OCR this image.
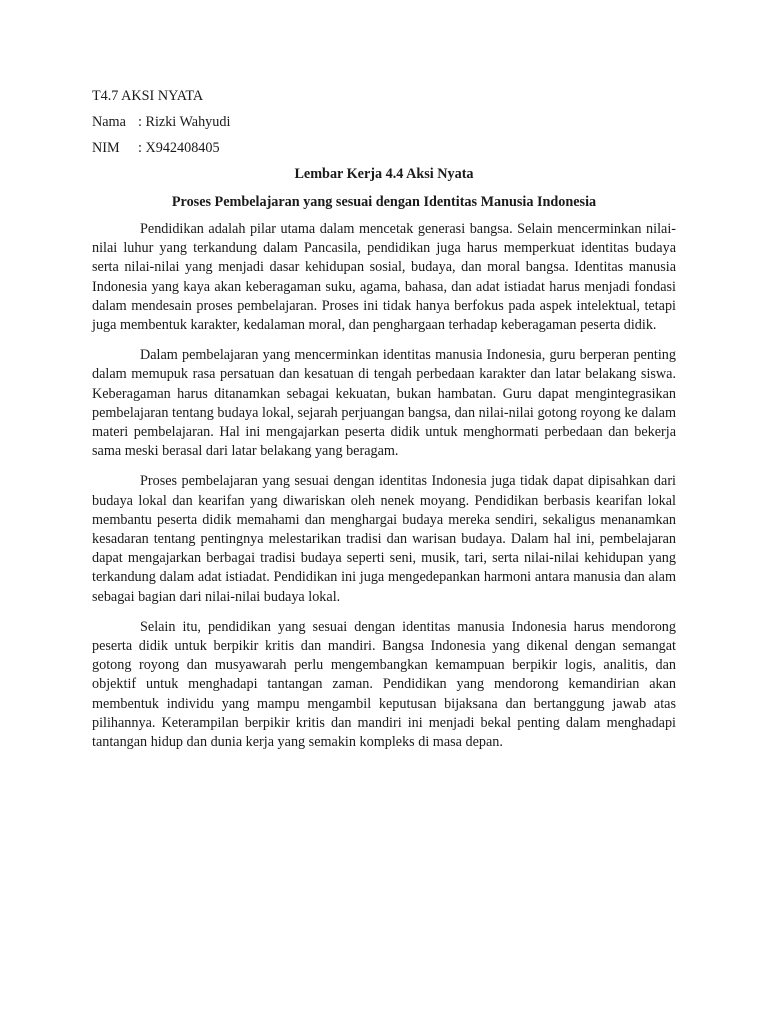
T4.7 AKSI NYATA
Nama : Rizki Wahyudi
NIM : X942408405
Lembar Kerja 4.4 Aksi Nyata
Proses Pembelajaran yang sesuai dengan Identitas Manusia Indonesia

Pendidikan adalah pilar utama dalam mencetak generasi bangsa. Selain mencerminkan nilai-nilai luhur yang terkandung dalam Pancasila, pendidikan juga harus memperkuat identitas budaya serta nilai-nilai yang menjadi dasar kehidupan sosial, budaya, dan moral bangsa. Identitas manusia Indonesia yang kaya akan keberagaman suku, agama, bahasa, dan adat istiadat harus menjadi fondasi dalam mendesain proses pembelajaran. Proses ini tidak hanya berfokus pada aspek intelektual, tetapi juga membentuk karakter, kedalaman moral, dan penghargaan terhadap keberagaman peserta didik.

Dalam pembelajaran yang mencerminkan identitas manusia Indonesia, guru berperan penting dalam memupuk rasa persatuan dan kesatuan di tengah perbedaan karakter dan latar belakang siswa. Keberagaman harus ditanamkan sebagai kekuatan, bukan hambatan. Guru dapat mengintegrasikan pembelajaran tentang budaya lokal, sejarah perjuangan bangsa, dan nilai-nilai gotong royong ke dalam materi pembelajaran. Hal ini mengajarkan peserta didik untuk menghormati perbedaan dan bekerja sama meski berasal dari latar belakang yang beragam.

Proses pembelajaran yang sesuai dengan identitas Indonesia juga tidak dapat dipisahkan dari budaya lokal dan kearifan yang diwariskan oleh nenek moyang. Pendidikan berbasis kearifan lokal membantu peserta didik memahami dan menghargai budaya mereka sendiri, sekaligus menanamkan kesadaran tentang pentingnya melestarikan tradisi dan warisan budaya. Dalam hal ini, pembelajaran dapat mengajarkan berbagai tradisi budaya seperti seni, musik, tari, serta nilai-nilai kehidupan yang terkandung dalam adat istiadat. Pendidikan ini juga mengedepankan harmoni antara manusia dan alam sebagai bagian dari nilai-nilai budaya lokal.

Selain itu, pendidikan yang sesuai dengan identitas manusia Indonesia harus mendorong peserta didik untuk berpikir kritis dan mandiri. Bangsa Indonesia yang dikenal dengan semangat gotong royong dan musyawarah perlu mengembangkan kemampuan berpikir logis, analitis, dan objektif untuk menghadapi tantangan zaman. Pendidikan yang mendorong kemandirian akan membentuk individu yang mampu mengambil keputusan bijaksana dan bertanggung jawab atas pilihannya. Keterampilan berpikir kritis dan mandiri ini menjadi bekal penting dalam menghadapi tantangan hidup dan dunia kerja yang semakin kompleks di masa depan.
